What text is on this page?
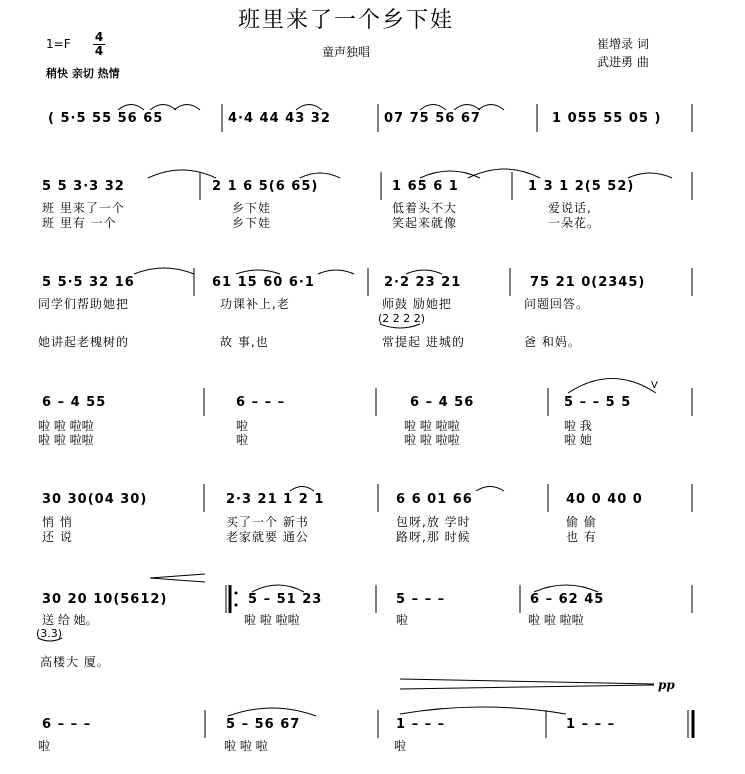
班里来了一个乡下娃
童声独唱
1=F 4
4
稍快 亲切 热情
崔增录 词
武进勇 曲
( 5·5 55 56 65	4·4 44 43 32	07 75 56 67	1 055 55 05 )
5 5 3·3 32	2 1 6 5(6 65)	1 65 6 1	1 3 1 2(5 52)
班 里来了一个	乡下娃	低着头不大	爱说话,
班 里有 一个	乡下娃	笑起来就像	一朵花。
5 5·5 32 16	61 15 60 6·1	2·2 23 21	75 21 0(2345)
同学们帮助她把	功课补上,老	师鼓 励她把	问题回答。
(2 2 2 2)
她讲起老槐树的	故 事,也	常提起 进城的	爸 和妈。
6 – 4 55	6 – – –	6 – 4 56	5 – – 5 5
V
啦 啦 啦啦	啦	啦 啦 啦啦	啦 我
啦 啦 啦啦	啦	啦 啦 啦啦	啦 她
30 30(04 30)	2·3 21 1 2 1	6 6 01 66	40 0 40 0
悄 悄	买了一个 新书	包呀,放 学时	偷 偷
还 说	老家就要 通公	路呀,那 时候	也 有
30 20 10(5612)	5 – 51 23	5 – – –	6 – 62 45
送 给 她。	啦 啦 啦啦	啦	啦 啦 啦啦
(3.3)
高楼大 厦。
pp
6 – – –	5 – 56 67	1 – – –	1 – – –
啦	啦 啦 啦	啦
